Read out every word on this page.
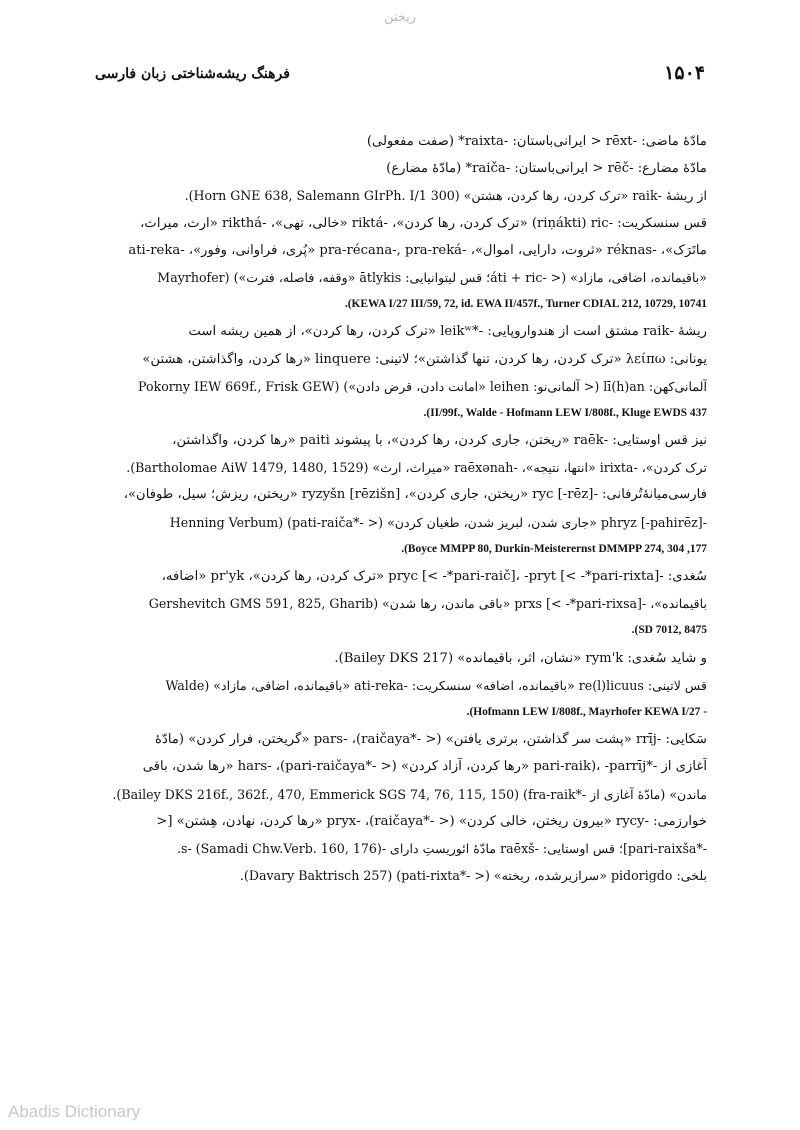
ریختن
فرهنگ ریشه‌شناختی زبان فارسی	۱۵۰۴
مادّۀ ماضی: -rēxt < ایرانی‌باستان: -raixta* (صفت مفعولی)
مادّۀ مضارع: -rēč < ایرانی‌باستان: -raiča* (مادّۀ مضارع)
از ریشۀ -raik «ترک کردن، رها کردن، هشتن» (Horn GNE 638, Salemann GIrPh. I/1 300).
قس سنسکریت: -riṇákti) ric) «ترک کردن، رها کردن»، -riktá «خالی، تهی»، -rikthá «ارث، میراث،
ماتَرَک»، -réknas «ثروت، دارایی، اموال»، -pra-récana-, pra-reká «پُری، فراوانی، وفور»، -ati-reka
«باقیمانده، اضافی، مازاد» (< -áti + ric؛ قس لیتوانیایی: ātlykis «وقفه، فاصله، فترت») (Mayrhofer
KEWA I/27 III/59, 72, id. EWA II/457f., Turner CDIAL 212, 10729, 10741).
ریشۀ -raik مشتق است از هندواروپایی: -*leikʷ «ترک کردن، رها کردن»، از همین ریشه است
یونانی: λείπω «ترک کردن، رها کردن، تنها گذاشتن»؛ لاتینی: linquere «رها کردن، واگذاشتن، هشتن»
آلمانی‌کهن: lī(h)an (< آلمانی‌نو: leihen «امانت دادن، قرض دادن») (Pokorny IEW 669f., Frisk GEW
II/99f., Walde - Hofmann LEW I/808f., Kluge EWDS 437).
نیز قس اوستایی: -raēk «ریختن، جاری کردن، رها کردن»، با پیشوند paiti «رها کردن، واگذاشتن،
ترک کردن»، -irixta «انتها، نتیجه»، -raēxənah «میراث، ارث» (Bartholomae AiW 1479, 1480, 1529).
فارسی‌میانۀ‌تُرفانی: -ryc [-rēz] «ریختن، جاری کردن»، ryzyšn [rēzišn] «ریختن، ریزش؛ سیل، طوفان»،
-phryz [-pahirēz] «جاری شدن، لبریز شدن، طغیان کردن» (< -*pati-raiča) (Henning Verbum
177, Boyce MMPP 80, Durkin-Meisterernst DMMPP 274, 304).
سُغدی: -pryc [< -*pari-raič]، -pryt [< -*pari-rixta] «ترک کردن، رها کردن»، pr'yk «اضافه،
باقیمانده»، -prxs [< -*pari-rixsa] «باقی ماندن، رها شدن» (Gershevitch GMS 591, 825, Gharib
SD 7012, 8475).
و شاید سُغدی: rym'k «نشان، اثر، باقیمانده» (Bailey DKS 217).
قس لاتینی: re(l)licuus «باقیمانده، اضافه» سنسکریت: -ati-reka «باقیمانده، اضافی، مازاد» (Walde
- Hofmann LEW I/808f., Mayrhofer KEWA I/27).
سَکایی: -rrīj «پشت سر گذاشتن، برتری یافتن» (< -*raičaya)، -pars «گریختن، فرار کردن» (مادّۀ
آغازی از -*pari-raik)، -parrīj «رها کردن، آزاد کردن» (< -*pari-raičaya)، -hars «رها شدن، باقی
ماندن» (مادّۀ آغازی از -*fra-raik) (Bailey DKS 216f., 362f., 470, Emmerick SGS 74, 76, 115, 150).
خوارزمی: -rycy «بیرون ریختن، خالی کردن» (< -*raičaya)، -pryx «رها کردن، نهادن، هِشتن» [<
-*pari-raixša]؛ قس اوستایی: -raēxš مادّۀ ائوریستِ دارای -s- (Samadi Chw.Verb. 160, 176).
بلخی: pidorigdo «سرازیرشده، ریخته» (< -*pati-rixta) (Davary Baktrisch 257).
Abadis Dictionary
